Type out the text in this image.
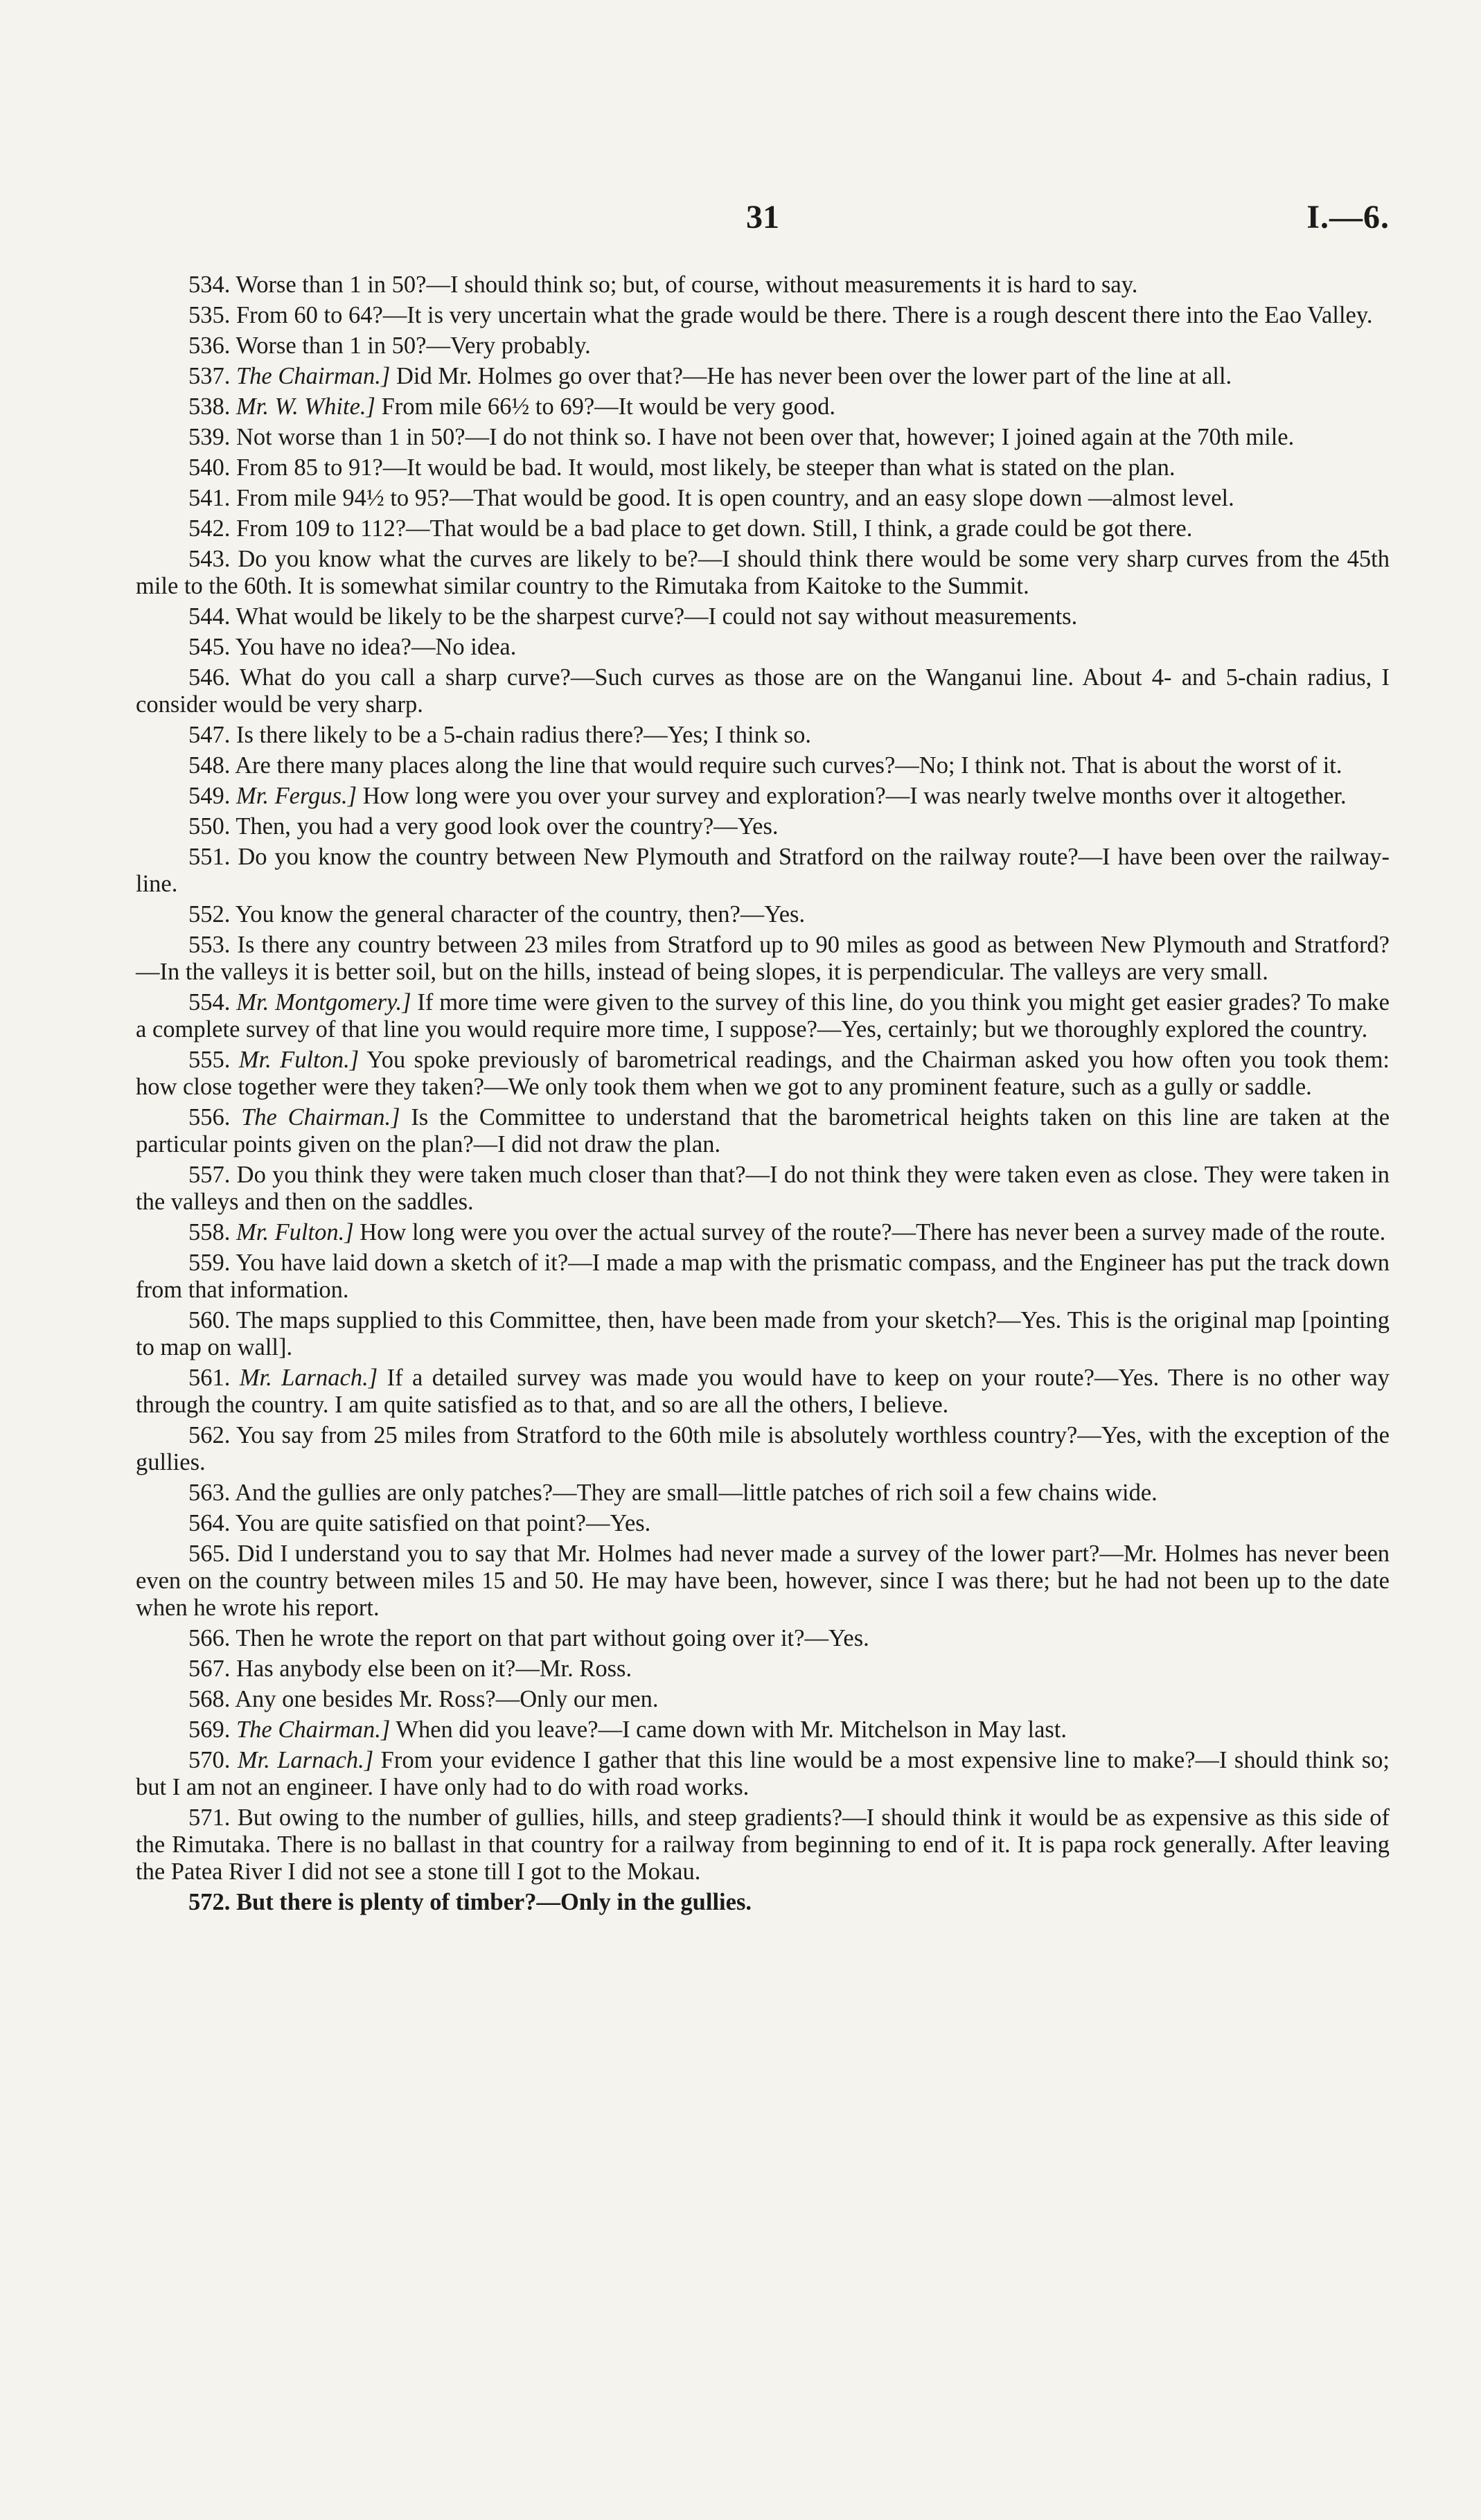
31	I.—6.

534. Worse than 1 in 50?—I should think so; but, of course, without measurements it is hard to say.

535. From 60 to 64?—It is very uncertain what the grade would be there. There is a rough descent there into the Eao Valley.

536. Worse than 1 in 50?—Very probably.

537. The Chairman.] Did Mr. Holmes go over that?—He has never been over the lower part of the line at all.

538. Mr. W. White.] From mile 66½ to 69?—It would be very good.

539. Not worse than 1 in 50?—I do not think so. I have not been over that, however; I joined again at the 70th mile.

540. From 85 to 91?—It would be bad. It would, most likely, be steeper than what is stated on the plan.

541. From mile 94½ to 95?—That would be good. It is open country, and an easy slope down —almost level.

542. From 109 to 112?—That would be a bad place to get down. Still, I think, a grade could be got there.

543. Do you know what the curves are likely to be?—I should think there would be some very sharp curves from the 45th mile to the 60th. It is somewhat similar country to the Rimutaka from Kaitoke to the Summit.

544. What would be likely to be the sharpest curve?—I could not say without measurements.

545. You have no idea?—No idea.

546. What do you call a sharp curve?—Such curves as those are on the Wanganui line. About 4- and 5-chain radius, I consider would be very sharp.

547. Is there likely to be a 5-chain radius there?—Yes; I think so.

548. Are there many places along the line that would require such curves?—No; I think not. That is about the worst of it.

549. Mr. Fergus.] How long were you over your survey and exploration?—I was nearly twelve months over it altogether.

550. Then, you had a very good look over the country?—Yes.

551. Do you know the country between New Plymouth and Stratford on the railway route?—I have been over the railway-line.

552. You know the general character of the country, then?—Yes.

553. Is there any country between 23 miles from Stratford up to 90 miles as good as between New Plymouth and Stratford?—In the valleys it is better soil, but on the hills, instead of being slopes, it is perpendicular. The valleys are very small.

554. Mr. Montgomery.] If more time were given to the survey of this line, do you think you might get easier grades? To make a complete survey of that line you would require more time, I suppose?—Yes, certainly; but we thoroughly explored the country.

555. Mr. Fulton.] You spoke previously of barometrical readings, and the Chairman asked you how often you took them: how close together were they taken?—We only took them when we got to any prominent feature, such as a gully or saddle.

556. The Chairman.] Is the Committee to understand that the barometrical heights taken on this line are taken at the particular points given on the plan?—I did not draw the plan.

557. Do you think they were taken much closer than that?—I do not think they were taken even as close. They were taken in the valleys and then on the saddles.

558. Mr. Fulton.] How long were you over the actual survey of the route?—There has never been a survey made of the route.

559. You have laid down a sketch of it?—I made a map with the prismatic compass, and the Engineer has put the track down from that information.

560. The maps supplied to this Committee, then, have been made from your sketch?—Yes. This is the original map [pointing to map on wall].

561. Mr. Larnach.] If a detailed survey was made you would have to keep on your route?—Yes. There is no other way through the country. I am quite satisfied as to that, and so are all the others, I believe.

562. You say from 25 miles from Stratford to the 60th mile is absolutely worthless country?—Yes, with the exception of the gullies.

563. And the gullies are only patches?—They are small—little patches of rich soil a few chains wide.

564. You are quite satisfied on that point?—Yes.

565. Did I understand you to say that Mr. Holmes had never made a survey of the lower part?—Mr. Holmes has never been even on the country between miles 15 and 50. He may have been, however, since I was there; but he had not been up to the date when he wrote his report.

566. Then he wrote the report on that part without going over it?—Yes.

567. Has anybody else been on it?—Mr. Ross.

568. Any one besides Mr. Ross?—Only our men.

569. The Chairman.] When did you leave?—I came down with Mr. Mitchelson in May last.

570. Mr. Larnach.] From your evidence I gather that this line would be a most expensive line to make?—I should think so; but I am not an engineer. I have only had to do with road works.

571. But owing to the number of gullies, hills, and steep gradients?—I should think it would be as expensive as this side of the Rimutaka. There is no ballast in that country for a railway from beginning to end of it. It is papa rock generally. After leaving the Patea River I did not see a stone till I got to the Mokau.

572. But there is plenty of timber?—Only in the gullies.
